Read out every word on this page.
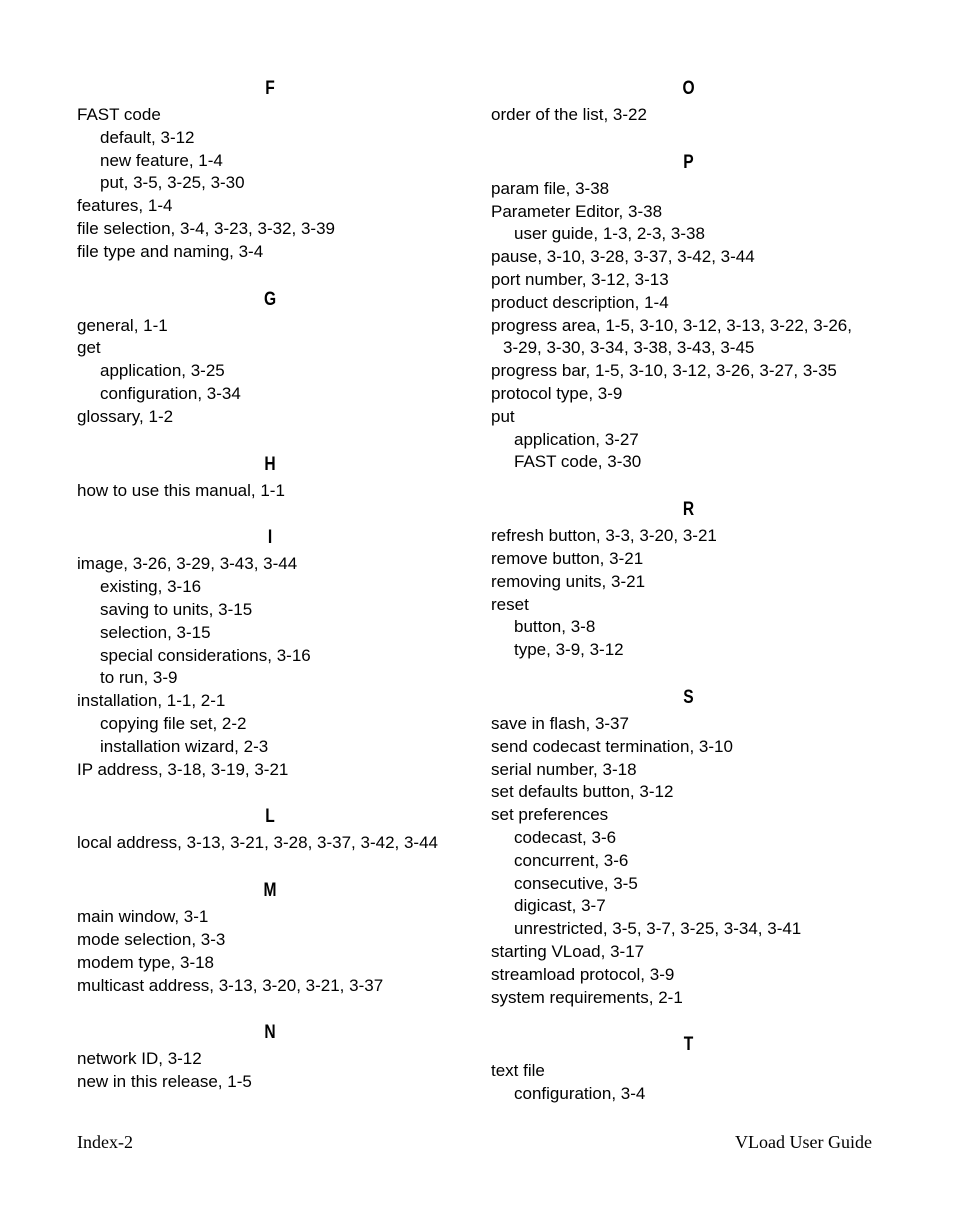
F
FAST code
default, 3-12
new feature, 1-4
put, 3-5, 3-25, 3-30
features, 1-4
file selection, 3-4, 3-23, 3-32, 3-39
file type and naming, 3-4
G
general, 1-1
get
application, 3-25
configuration, 3-34
glossary, 1-2
H
how to use this manual, 1-1
I
image, 3-26, 3-29, 3-43, 3-44
existing, 3-16
saving to units, 3-15
selection, 3-15
special considerations, 3-16
to run, 3-9
installation, 1-1, 2-1
copying file set, 2-2
installation wizard, 2-3
IP address, 3-18, 3-19, 3-21
L
local address, 3-13, 3-21, 3-28, 3-37, 3-42, 3-44
M
main window, 3-1
mode selection, 3-3
modem type, 3-18
multicast address, 3-13, 3-20, 3-21, 3-37
N
network ID, 3-12
new in this release, 1-5
O
order of the list, 3-22
P
param file, 3-38
Parameter Editor, 3-38
user guide, 1-3, 2-3, 3-38
pause, 3-10, 3-28, 3-37, 3-42, 3-44
port number, 3-12, 3-13
product description, 1-4
progress area, 1-5, 3-10, 3-12, 3-13, 3-22, 3-26,
3-29, 3-30, 3-34, 3-38, 3-43, 3-45
progress bar, 1-5, 3-10, 3-12, 3-26, 3-27, 3-35
protocol type, 3-9
put
application, 3-27
FAST code, 3-30
R
refresh button, 3-3, 3-20, 3-21
remove button, 3-21
removing units, 3-21
reset
button, 3-8
type, 3-9, 3-12
S
save in flash, 3-37
send codecast termination, 3-10
serial number, 3-18
set defaults button, 3-12
set preferences
codecast, 3-6
concurrent, 3-6
consecutive, 3-5
digicast, 3-7
unrestricted, 3-5, 3-7, 3-25, 3-34, 3-41
starting VLoad, 3-17
streamload protocol, 3-9
system requirements, 2-1
T
text file
configuration, 3-4
Index-2	VLoad User Guide
